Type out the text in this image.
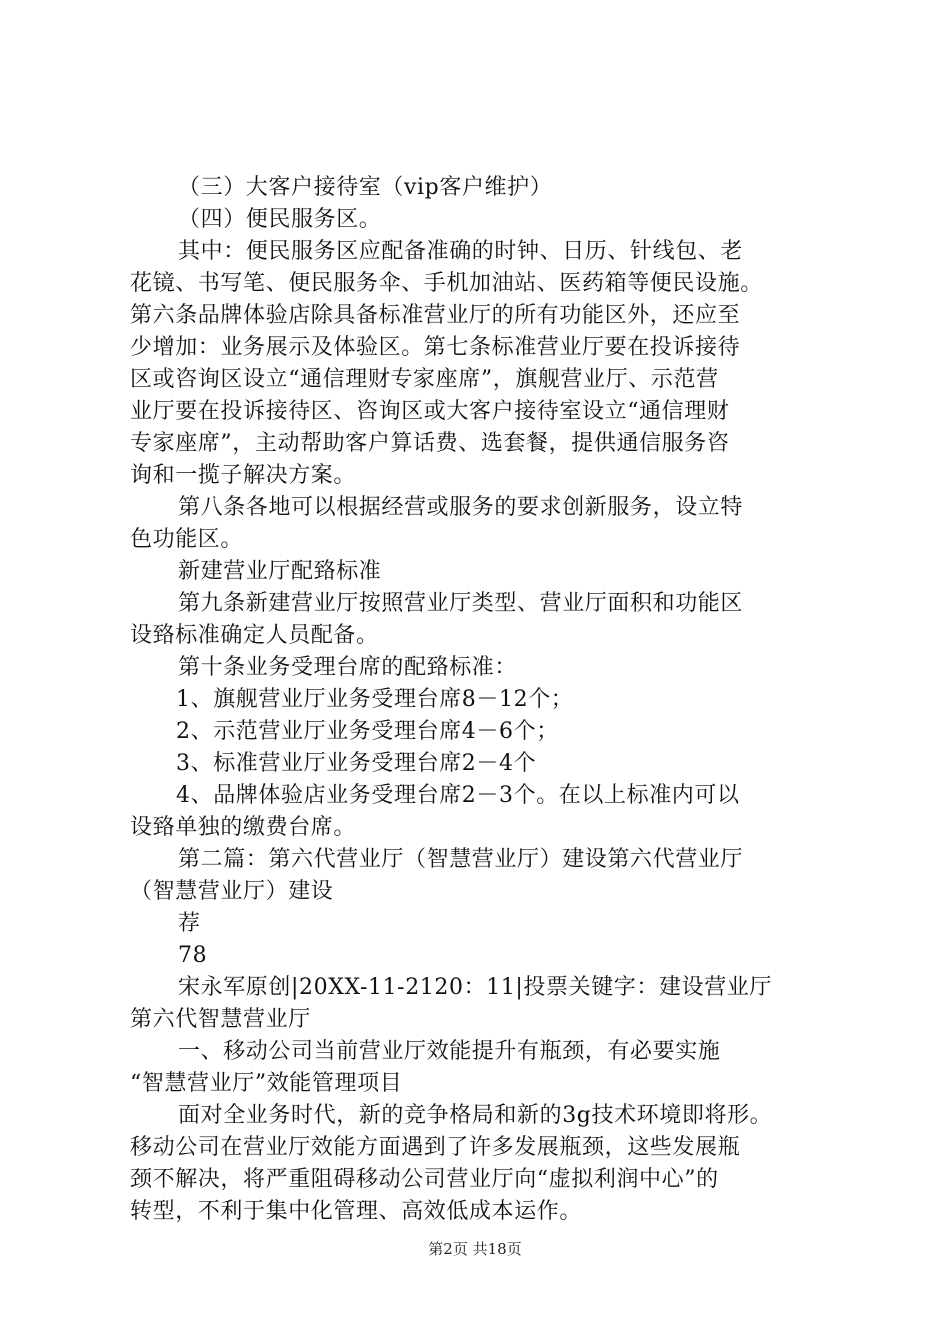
（三）大客户接待室（vip客户维护）
（四）便民服务区。
其中：便民服务区应配备准确的时钟、日历、针线包、老
花镜、书写笔、便民服务伞、手机加油站、医药箱等便民设施。
第六条品牌体验店除具备标准营业厅的所有功能区外，还应至
少增加：业务展示及体验区。第七条标准营业厅要在投诉接待
区或咨询区设立“通信理财专家座席”，旗舰营业厅、示范营
业厅要在投诉接待区、咨询区或大客户接待室设立“通信理财
专家座席”，主动帮助客户算话费、选套餐，提供通信服务咨
询和一揽子解决方案。
第八条各地可以根据经营或服务的要求创新服务，设立特
色功能区。
新建营业厅配臵标准
第九条新建营业厅按照营业厅类型、营业厅面积和功能区
设臵标准确定人员配备。
第十条业务受理台席的配臵标准：
1、旗舰营业厅业务受理台席8－12个；
2、示范营业厅业务受理台席4－6个；
3、标准营业厅业务受理台席2－4个
4、品牌体验店业务受理台席2－3个。在以上标准内可以
设臵单独的缴费台席。
第二篇：第六代营业厅（智慧营业厅）建设第六代营业厅
（智慧营业厅）建设
荐
78
宋永军原创|20XX-11-2120：11|投票关键字：建设营业厅
第六代智慧营业厅
一、移动公司当前营业厅效能提升有瓶颈，有必要实施
“智慧营业厅”效能管理项目
面对全业务时代，新的竞争格局和新的3g技术环境即将形。
移动公司在营业厅效能方面遇到了许多发展瓶颈，这些发展瓶
颈不解决，将严重阻碍移动公司营业厅向“虚拟利润中心”的
转型，不利于集中化管理、高效低成本运作。
第2页 共18页
